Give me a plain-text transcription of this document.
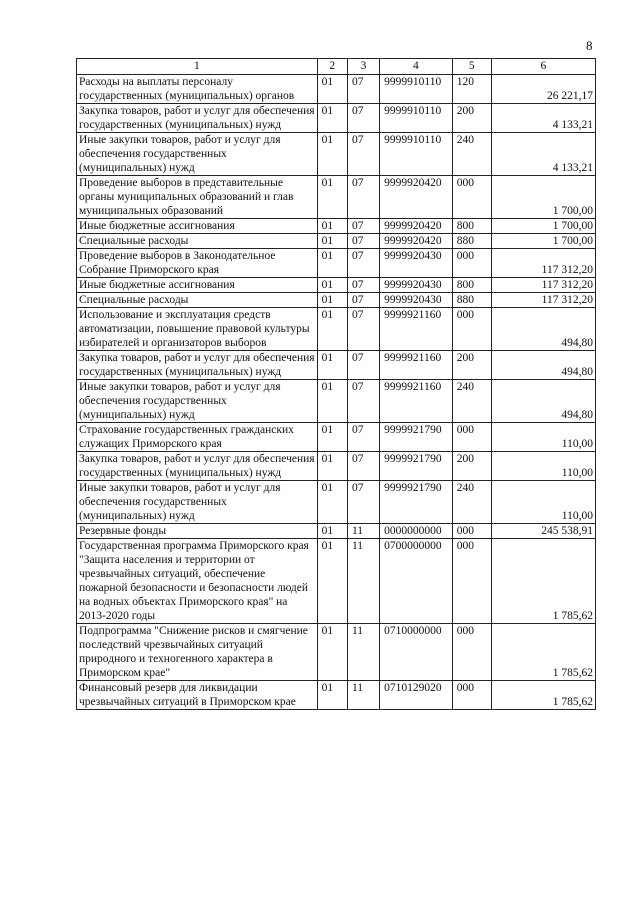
8
1	2	3	4	5	6
Расходы на выплаты персоналу государственных (муниципальных) органов	01	07	9999910110	120	26 221,17
Закупка товаров, работ и услуг для обеспечения государственных (муниципальных) нужд	01	07	9999910110	200	4 133,21
Иные закупки товаров, работ и услуг для обеспечения государственных (муниципальных) нужд	01	07	9999910110	240	4 133,21
Проведение выборов в представительные органы муниципальных образований и глав муниципальных образований	01	07	9999920420	000	1 700,00
Иные бюджетные ассигнования	01	07	9999920420	800	1 700,00
Специальные расходы	01	07	9999920420	880	1 700,00
Проведение выборов в Законодательное Собрание Приморского края	01	07	9999920430	000	117 312,20
Иные бюджетные ассигнования	01	07	9999920430	800	117 312,20
Специальные расходы	01	07	9999920430	880	117 312,20
Использование и эксплуатация средств автоматизации, повышение правовой культуры избирателей и организаторов выборов	01	07	9999921160	000	494,80
Закупка товаров, работ и услуг для обеспечения государственных (муниципальных) нужд	01	07	9999921160	200	494,80
Иные закупки товаров, работ и услуг для обеспечения государственных (муниципальных) нужд	01	07	9999921160	240	494,80
Страхование государственных гражданских служащих Приморского края	01	07	9999921790	000	110,00
Закупка товаров, работ и услуг для обеспечения государственных (муниципальных) нужд	01	07	9999921790	200	110,00
Иные закупки товаров, работ и услуг для обеспечения государственных (муниципальных) нужд	01	07	9999921790	240	110,00
Резервные фонды	01	11	0000000000	000	245 538,91
Государственная программа Приморского края "Защита населения и территории от чрезвычайных ситуаций, обеспечение пожарной безопасности и безопасности людей на водных объектах Приморского края" на 2013-2020 годы	01	11	0700000000	000	1 785,62
Подпрограмма "Снижение рисков и смягчение последствий чрезвычайных ситуаций природного и техногенного характера в Приморском крае"	01	11	0710000000	000	1 785,62
Финансовый резерв для ликвидации чрезвычайных ситуаций в Приморском крае	01	11	0710129020	000	1 785,62
